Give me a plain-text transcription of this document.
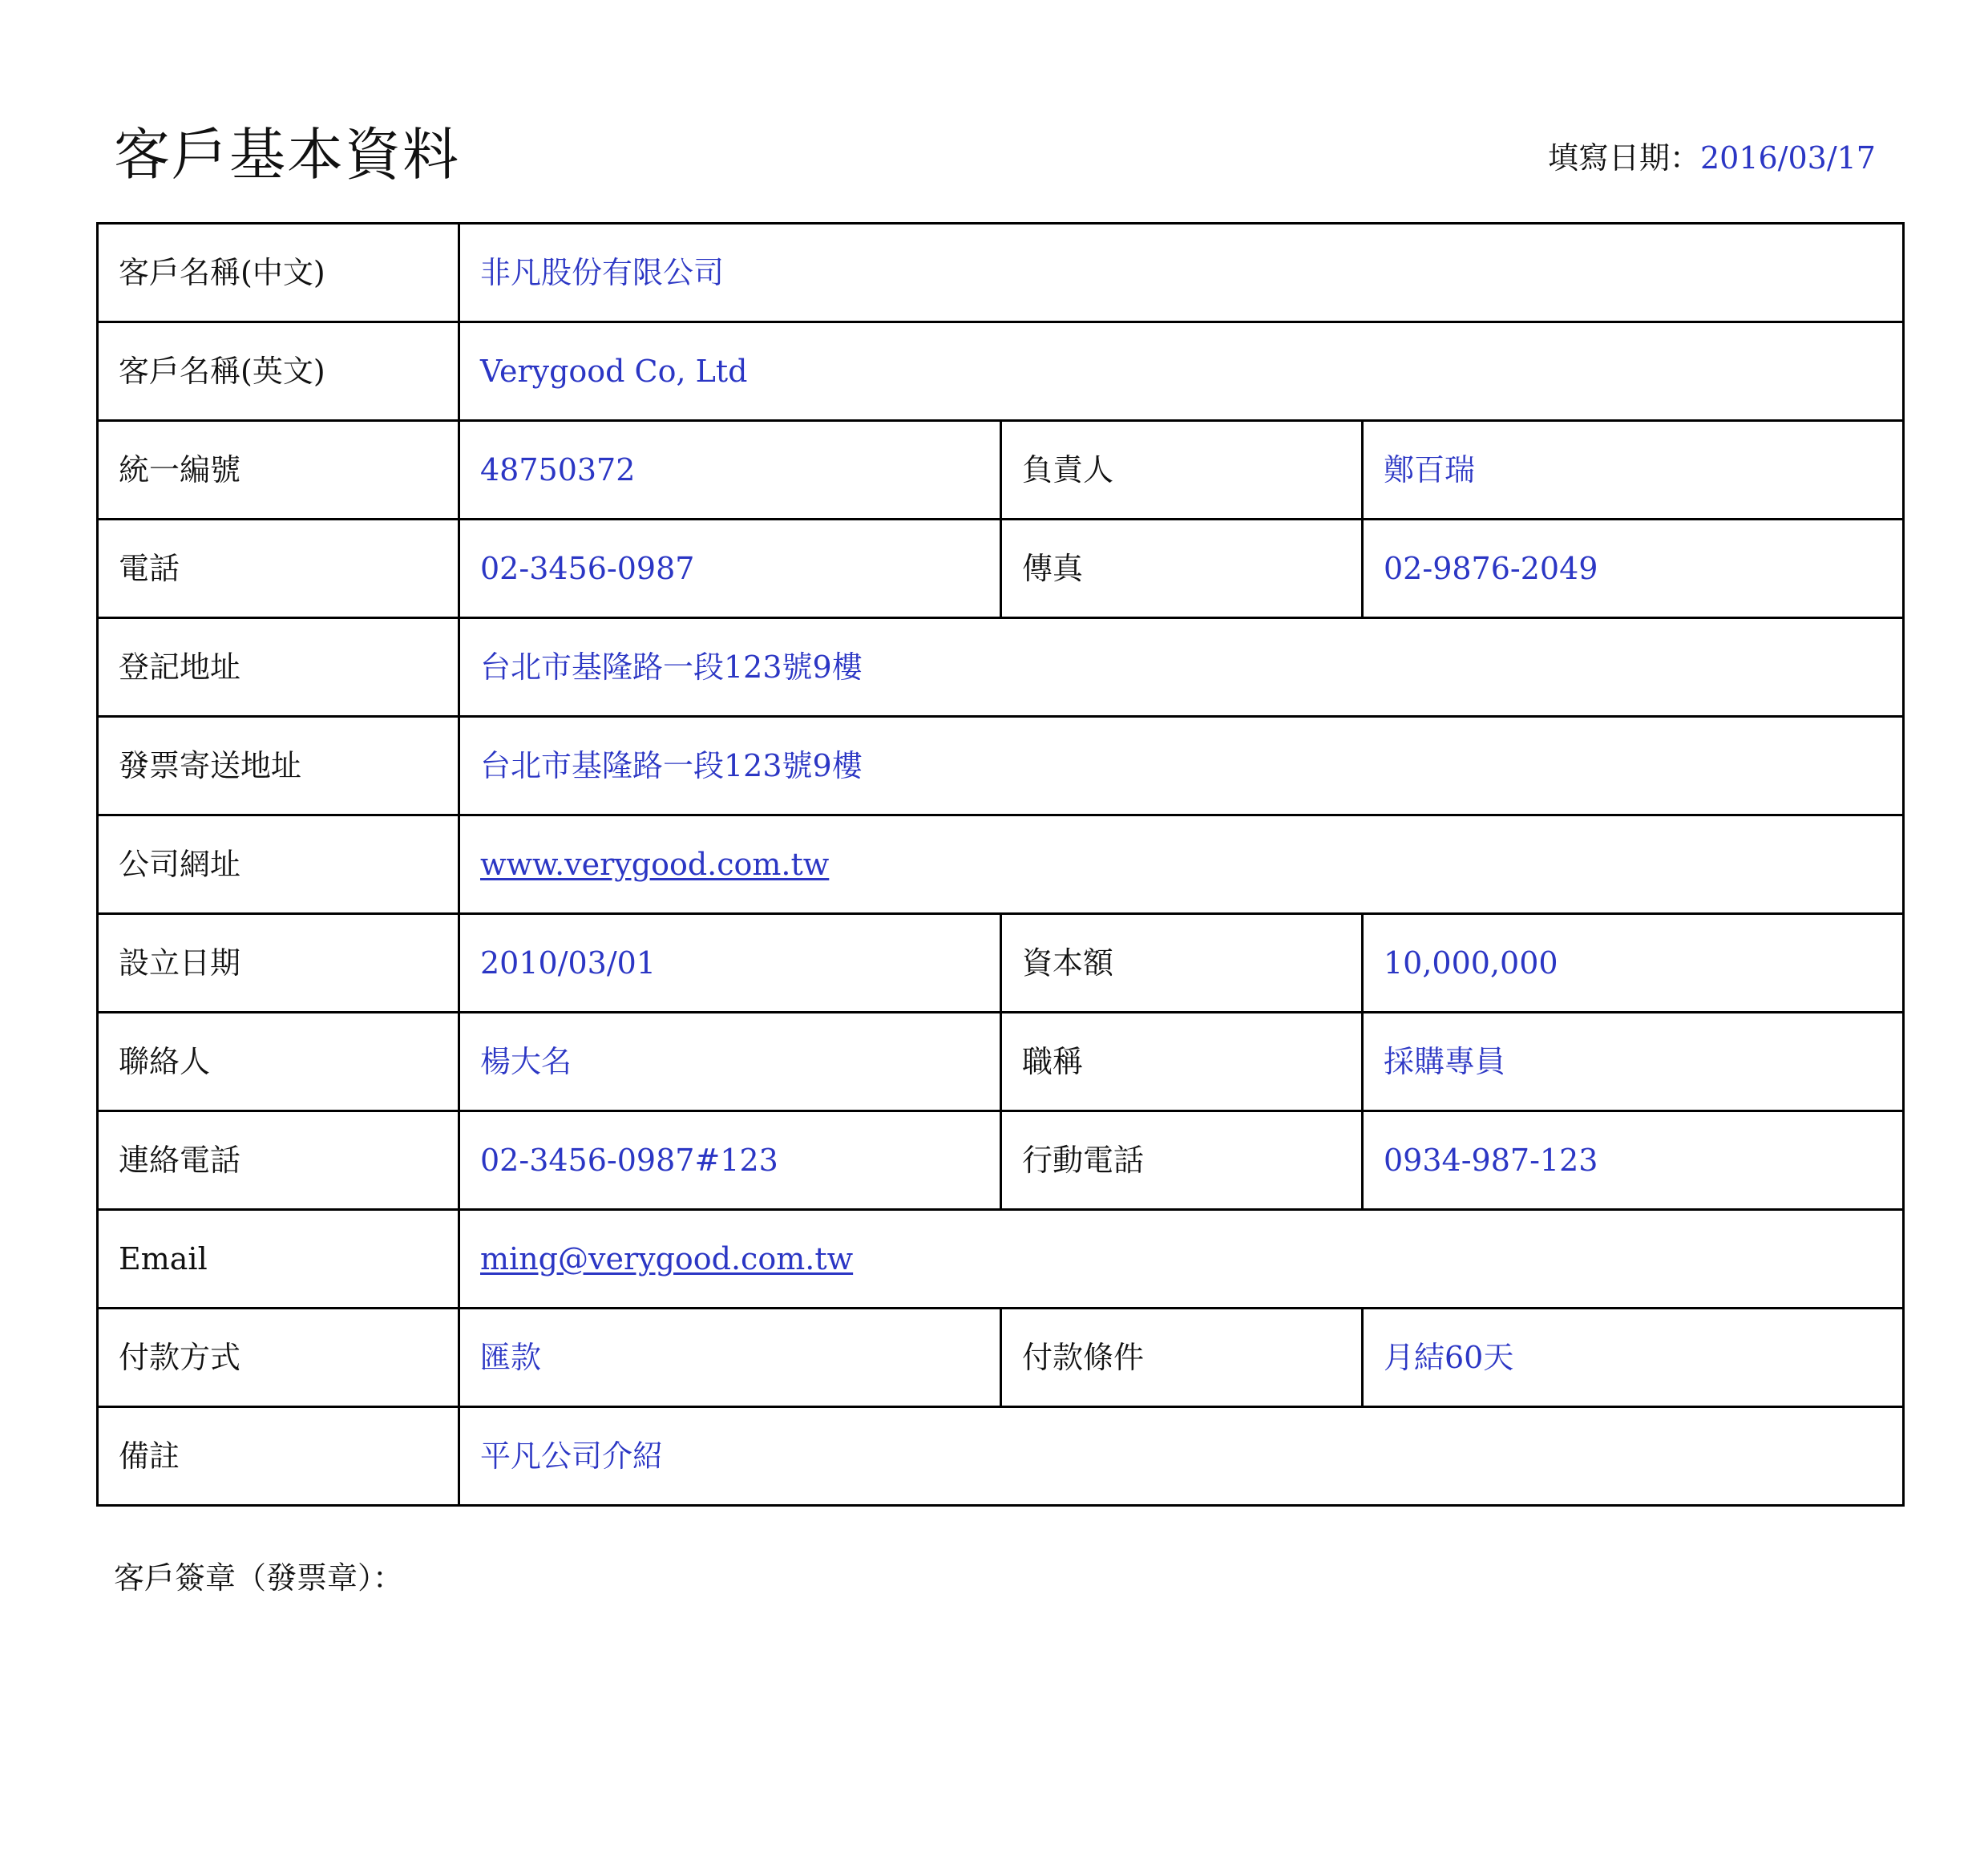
客戶基本資料	填寫日期：2016/03/17
客戶名稱(中文)	非凡股份有限公司		
客戶名稱(英文)	Verygood Co, Ltd		
統一編號	48750372	負責人	鄭百瑞
電話	02-3456-0987	傳真	02-9876-2049
登記地址	台北市基隆路一段123號9樓		
發票寄送地址	台北市基隆路一段123號9樓		
公司網址	www.verygood.com.tw		
設立日期	2010/03/01	資本額	10,000,000
聯絡人	楊大名	職稱	採購專員
連絡電話	02-3456-0987#123	行動電話	0934-987-123
Email	ming@verygood.com.tw		
付款方式	匯款	付款條件	月結60天
備註	平凡公司介紹		
客戶簽章（發票章）：
